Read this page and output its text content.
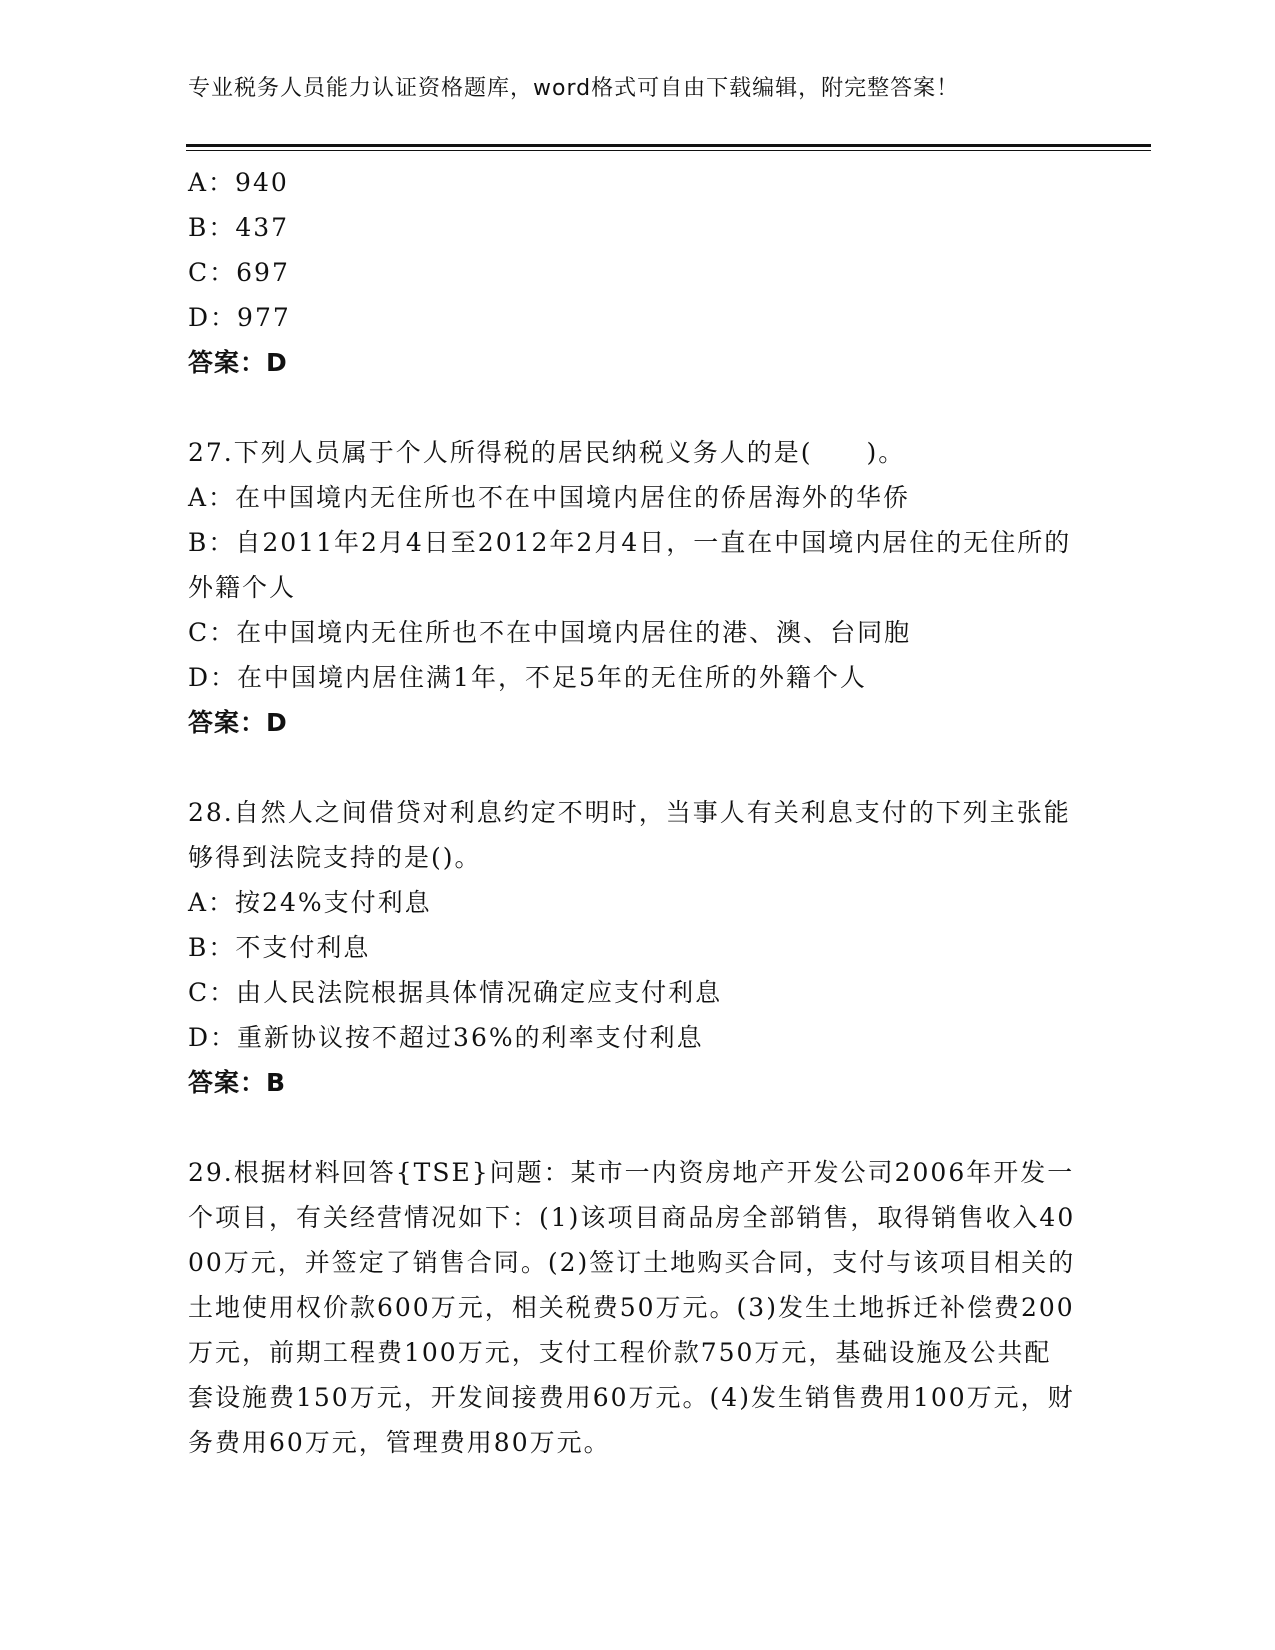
专业税务人员能力认证资格题库，word格式可自由下载编辑，附完整答案！
A：940
B：437
C：697
D：977
答案：D
27.下列人员属于个人所得税的居民纳税义务人的是(　　)。
A：在中国境内无住所也不在中国境内居住的侨居海外的华侨
B：自2011年2月4日至2012年2月4日，一直在中国境内居住的无住所的外籍个人
C：在中国境内无住所也不在中国境内居住的港、澳、台同胞
D：在中国境内居住满1年，不足5年的无住所的外籍个人
答案：D
28.自然人之间借贷对利息约定不明时，当事人有关利息支付的下列主张能够得到法院支持的是()。
A：按24%支付利息
B：不支付利息
C：由人民法院根据具体情况确定应支付利息
D：重新协议按不超过36%的利率支付利息
答案：B
29.根据材料回答{TSE}问题：某市一内资房地产开发公司2006年开发一个项目，有关经营情况如下：(1)该项目商品房全部销售，取得销售收入4000万元，并签定了销售合同。(2)签订土地购买合同，支付与该项目相关的土地使用权价款600万元，相关税费50万元。(3)发生土地拆迁补偿费200万元，前期工程费100万元，支付工程价款750万元，基础设施及公共配套设施费150万元，开发间接费用60万元。(4)发生销售费用100万元，财务费用60万元，管理费用80万元。
